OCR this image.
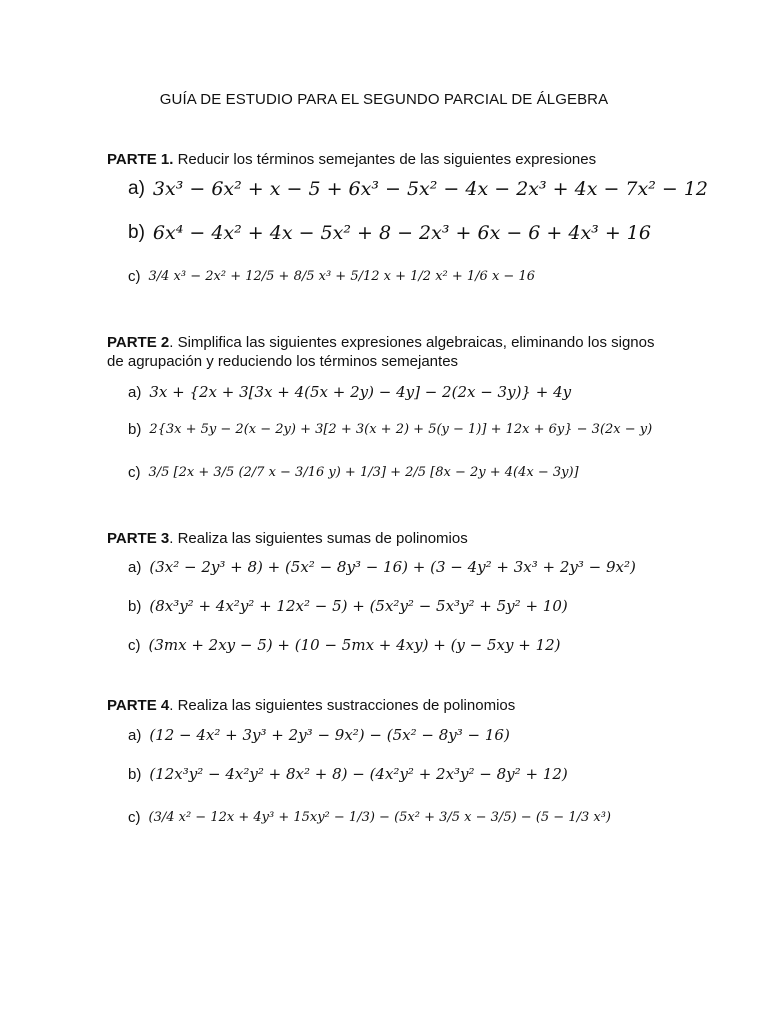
GUÍA DE ESTUDIO PARA EL SEGUNDO PARCIAL DE ÁLGEBRA
PARTE 1. Reducir los términos semejantes de las siguientes expresiones
a) 3x³ − 6x² + x − 5 + 6x³ − 5x² − 4x − 2x³ + 4x − 7x² − 12
b) 6x⁴ − 4x² + 4x − 5x² + 8 − 2x³ + 6x − 6 + 4x³ + 16
c) 3/4 x³ − 2x² + 12/5 + 8/5 x³ + 5/12 x + 1/2 x² + 1/6 x − 16
PARTE 2. Simplifica las siguientes expresiones algebraicas, eliminando los signos de agrupación y reduciendo los términos semejantes
a) 3x + {2x + 3[3x + 4(5x + 2y) − 4y] − 2(2x − 3y)} + 4y
b) 2{3x + 5y − 2(x − 2y) + 3[2 + 3(x + 2) + 5(y − 1)] + 12x + 6y} − 3(2x − y)
c) 3/5 [2x + 3/5 (2/7 x − 3/16 y) + 1/3] + 2/5 [8x − 2y + 4(4x − 3y)]
PARTE 3. Realiza las siguientes sumas de polinomios
a) (3x² − 2y³ + 8) + (5x² − 8y³ − 16) + (3 − 4y² + 3x³ + 2y³ − 9x²)
b) (8x³y² + 4x²y² + 12x² − 5) + (5x²y² − 5x³y² + 5y² + 10)
c) (3mx + 2xy − 5) + (10 − 5mx + 4xy) + (y − 5xy + 12)
PARTE 4. Realiza las siguientes sustracciones de polinomios
a) (12 − 4x² + 3y³ + 2y³ − 9x²) − (5x² − 8y³ − 16)
b) (12x³y² − 4x²y² + 8x² + 8) − (4x²y² + 2x³y² − 8y² + 12)
c) (3/4 x² − 12x + 4y³ + 15xy² − 1/3) − (5x² + 3/5 x − 3/5) − (5 − 1/3 x³)
